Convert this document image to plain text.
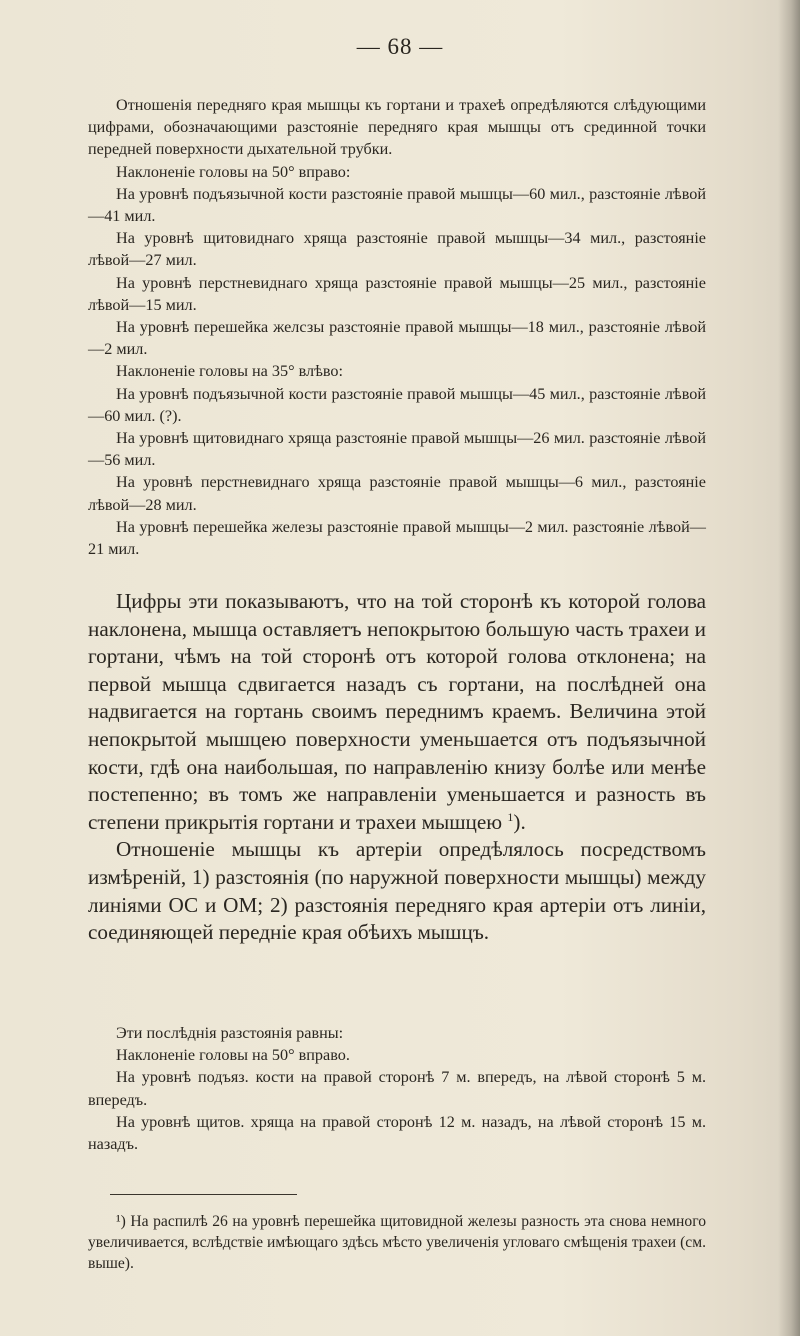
— 68 —

Отношенія передняго края мышцы къ гортани и трахеѣ опредѣляются слѣдующими цифрами, обозначающими разстояніе передняго края мышцы отъ срединной точки передней поверхности дыхательной трубки.

Наклоненіе головы на 50° вправо:

На уровнѣ подъязычной кости разстояніе правой мышцы—60 мил., разстояніе лѣвой—41 мил.

На уровнѣ щитовиднаго хряща разстояніе правой мышцы—34 мил., разстояніе лѣвой—27 мил.

На уровнѣ перстневиднаго хряща разстояніе правой мышцы—25 мил., разстояніе лѣвой—15 мил.

На уровнѣ перешейка желсзы разстояніе правой мышцы—18 мил., разстояніе лѣвой—2 мил.

Наклоненіе головы на 35° влѣво:

На уровнѣ подъязычной кости разстояніе правой мышцы—45 мил., разстояніе лѣвой—60 мил. (?).

На уровнѣ щитовиднаго хряща разстояніе правой мышцы—26 мил. разстояніе лѣвой—56 мил.

На уровнѣ перстневиднаго хряща разстояніе правой мышцы—6 мил., разстояніе лѣвой—28 мил.

На уровнѣ перешейка железы разстояніе правой мышцы—2 мил. разстояніе лѣвой—21 мил.

Цифры эти показываютъ, что на той сторонѣ къ которой голова наклонена, мышца оставляетъ непокрытою большую часть трахеи и гортани, чѣмъ на той сторонѣ отъ которой голова отклонена; на первой мышца сдвигается назадъ съ гортани, на послѣдней она надвигается на гортань своимъ переднимъ краемъ. Величина этой непокрытой мышцею поверхности уменьшается отъ подъязычной кости, гдѣ она наибольшая, по направленію книзу болѣе или менѣе постепенно; въ томъ же направленіи уменьшается и разность въ степени прикрытія гортани и трахеи мышцею $^1$).

Отношеніе мышцы къ артеріи опредѣлялось посредствомъ измѣреній, 1) разстоянія (по наружной поверхности мышцы) между линіями ОС и ОМ; 2) разстоянія передняго края артеріи отъ линіи, соединяющей передніе края обѣихъ мышцъ.

Эти послѣднія разстоянія равны:

Наклоненіе головы на 50° вправо.

На уровнѣ подъяз. кости на правой сторонѣ 7 м. впередъ, на лѣвой сторонѣ 5 м. впередъ.

На уровнѣ щитов. хряща на правой сторонѣ 12 м. назадъ, на лѣвой сторонѣ 15 м. назадъ.

¹) На распилѣ 26 на уровнѣ перешейка щитовидной железы разность эта снова немного увеличивается, вслѣдствіе имѣющаго здѣсь мѣсто увеличенія угловаго смѣщенія трахеи (см. выше).
